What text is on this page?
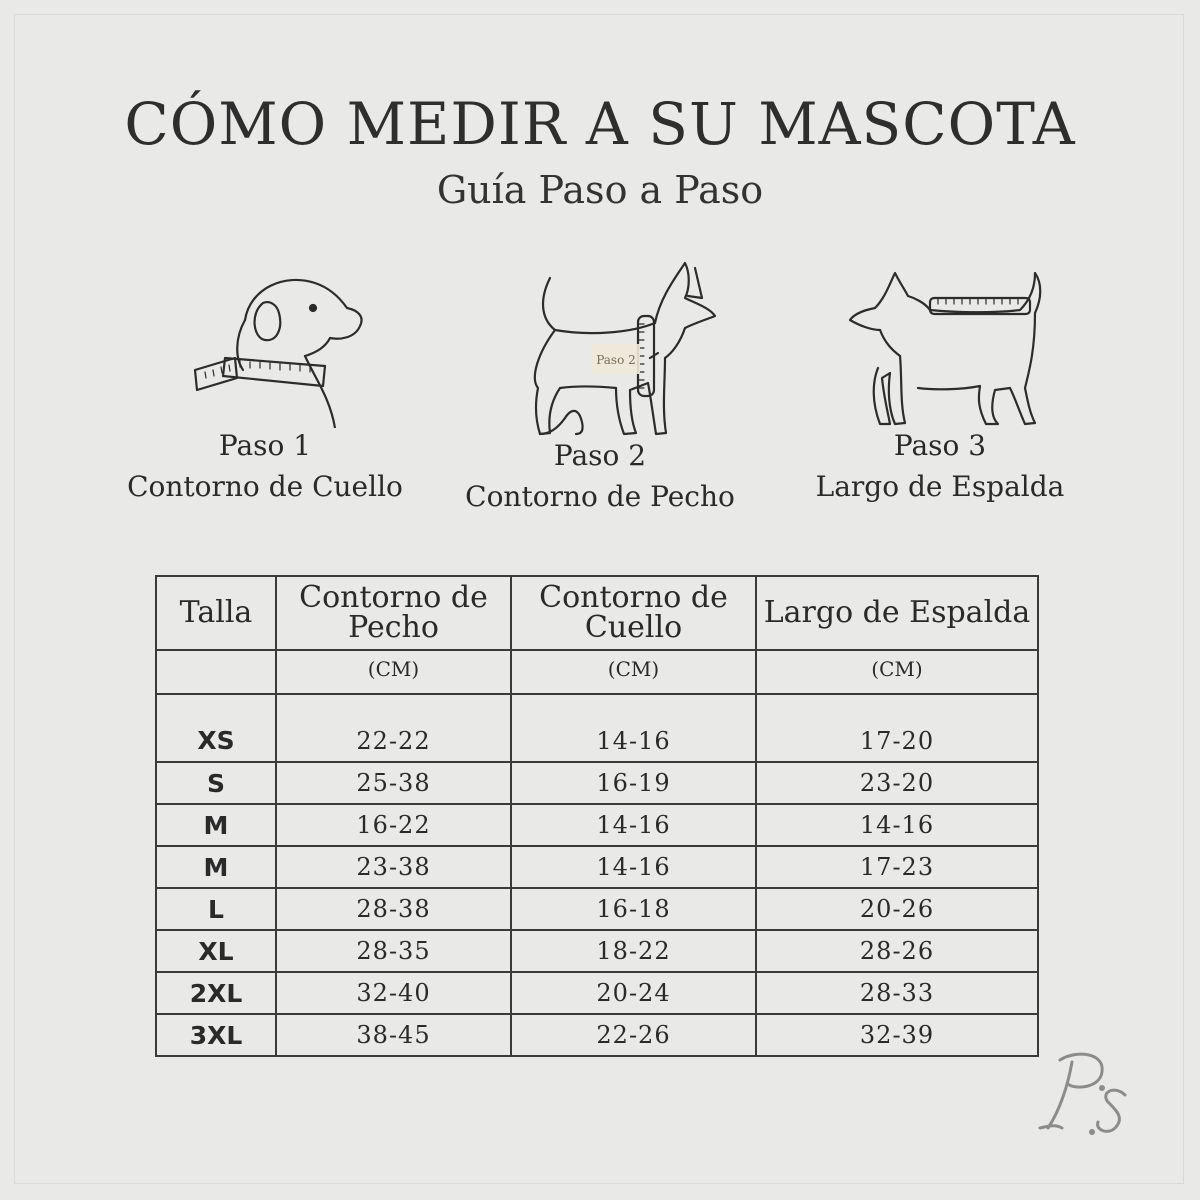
CÓMO MEDIR A SU MASCOTA
Guía Paso a Paso
Paso 1
Contorno de Cuello
Paso 2
Paso 2
Contorno de Pecho
Paso 3
Largo de Espalda
Talla	Contorno de Pecho	Contorno de Cuello	Largo de Espalda
	(CM)	(CM)	(CM)
XS	22-22	14-16	17-20
S	25-38	16-19	23-20
M	16-22	14-16	14-16
M	23-38	14-16	17-23
L	28-38	16-18	20-26
XL	28-35	18-22	28-26
2XL	32-40	20-24	28-33
3XL	38-45	22-26	32-39
